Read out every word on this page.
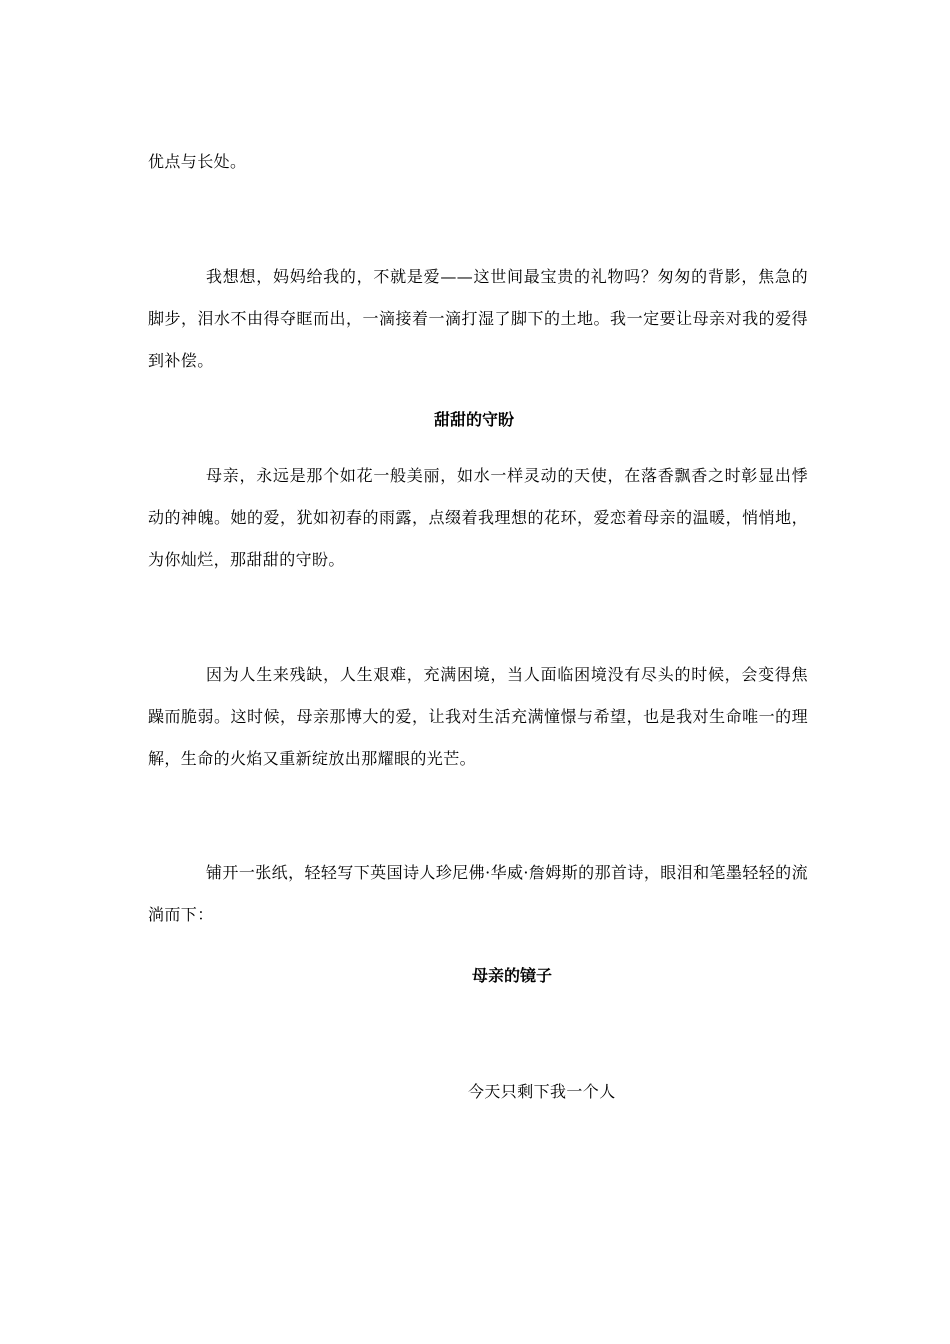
优点与长处。

我想想，妈妈给我的，不就是爱——这世间最宝贵的礼物吗？匆匆的背影，焦急的脚步，泪水不由得夺眶而出，一滴接着一滴打湿了脚下的土地。我一定要让母亲对我的爱得到补偿。

甜甜的守盼

母亲，永远是那个如花一般美丽，如水一样灵动的天使，在落香飘香之时彰显出悸动的神魄。她的爱，犹如初春的雨露，点缀着我理想的花环，爱恋着母亲的温暖，悄悄地，为你灿烂，那甜甜的守盼。

因为人生来残缺，人生艰难，充满困境，当人面临困境没有尽头的时候，会变得焦躁而脆弱。这时候，母亲那博大的爱，让我对生活充满憧憬与希望，也是我对生命唯一的理解，生命的火焰又重新绽放出那耀眼的光芒。

铺开一张纸，轻轻写下英国诗人珍尼佛·华威·詹姆斯的那首诗，眼泪和笔墨轻轻的流淌而下：

母亲的镜子
今天只剩下我一个人
